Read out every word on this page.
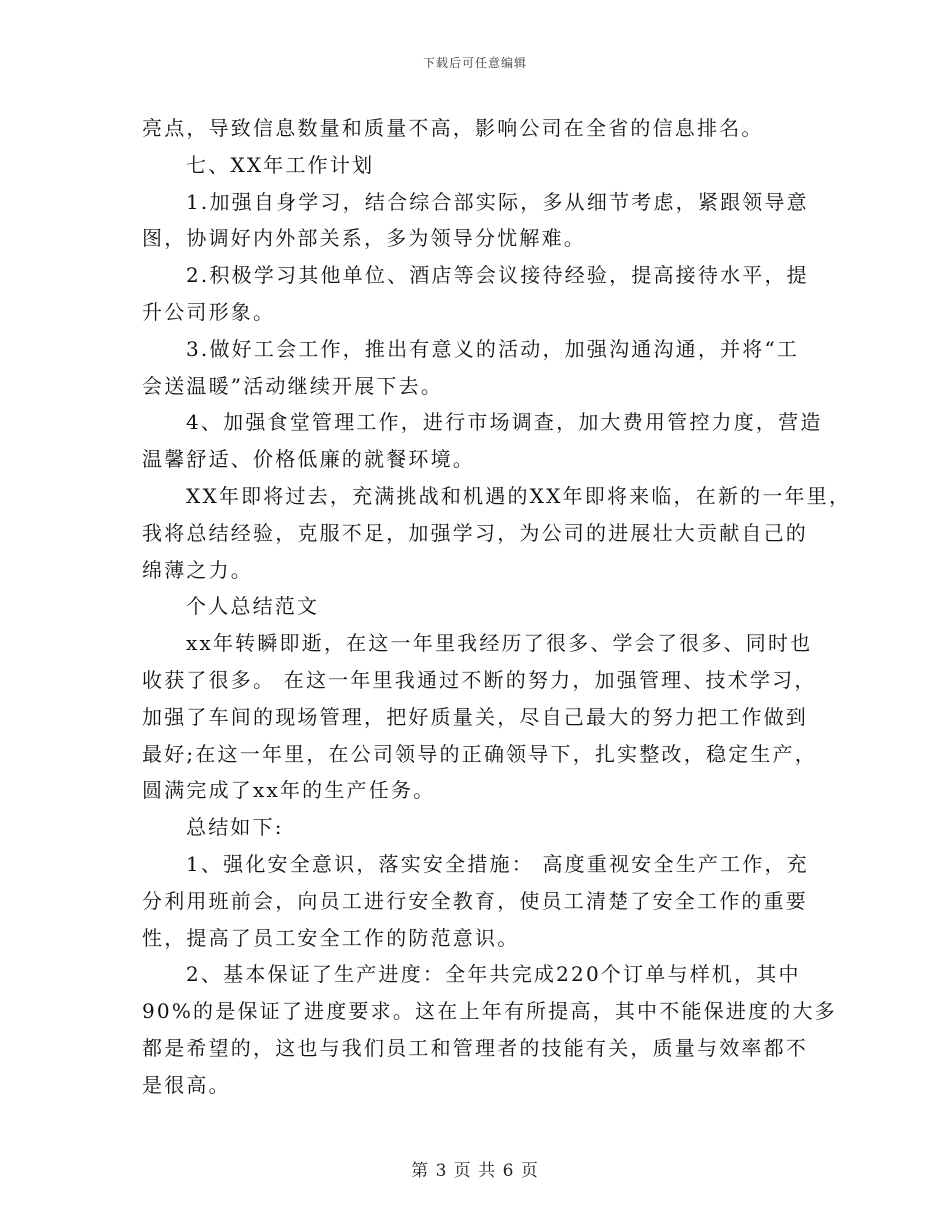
下载后可任意编辑
亮点，导致信息数量和质量不高，影响公司在全省的信息排名。
七、XX年工作计划
1.加强自身学习，结合综合部实际，多从细节考虑，紧跟领导意
图，协调好内外部关系，多为领导分忧解难。
2.积极学习其他单位、酒店等会议接待经验，提高接待水平，提
升公司形象。
3.做好工会工作，推出有意义的活动，加强沟通沟通，并将“工
会送温暖”活动继续开展下去。
4、加强食堂管理工作，进行市场调查，加大费用管控力度，营造
温馨舒适、价格低廉的就餐环境。
XX年即将过去，充满挑战和机遇的XX年即将来临，在新的一年里，
我将总结经验，克服不足，加强学习，为公司的进展壮大贡献自己的
绵薄之力。
个人总结范文
xx年转瞬即逝，在这一年里我经历了很多、学会了很多、同时也
收获了很多。 在这一年里我通过不断的努力，加强管理、技术学习，
加强了车间的现场管理，把好质量关，尽自己最大的努力把工作做到
最好;在这一年里，在公司领导的正确领导下，扎实整改，稳定生产，
圆满完成了xx年的生产任务。
总结如下:
1、强化安全意识，落实安全措施： 高度重视安全生产工作，充
分利用班前会，向员工进行安全教育，使员工清楚了安全工作的重要
性，提高了员工安全工作的防范意识。
2、基本保证了生产进度：全年共完成220个订单与样机，其中
90%的是保证了进度要求。这在上年有所提高，其中不能保进度的大多
都是希望的，这也与我们员工和管理者的技能有关，质量与效率都不
是很高。
第 3 页 共 6 页
